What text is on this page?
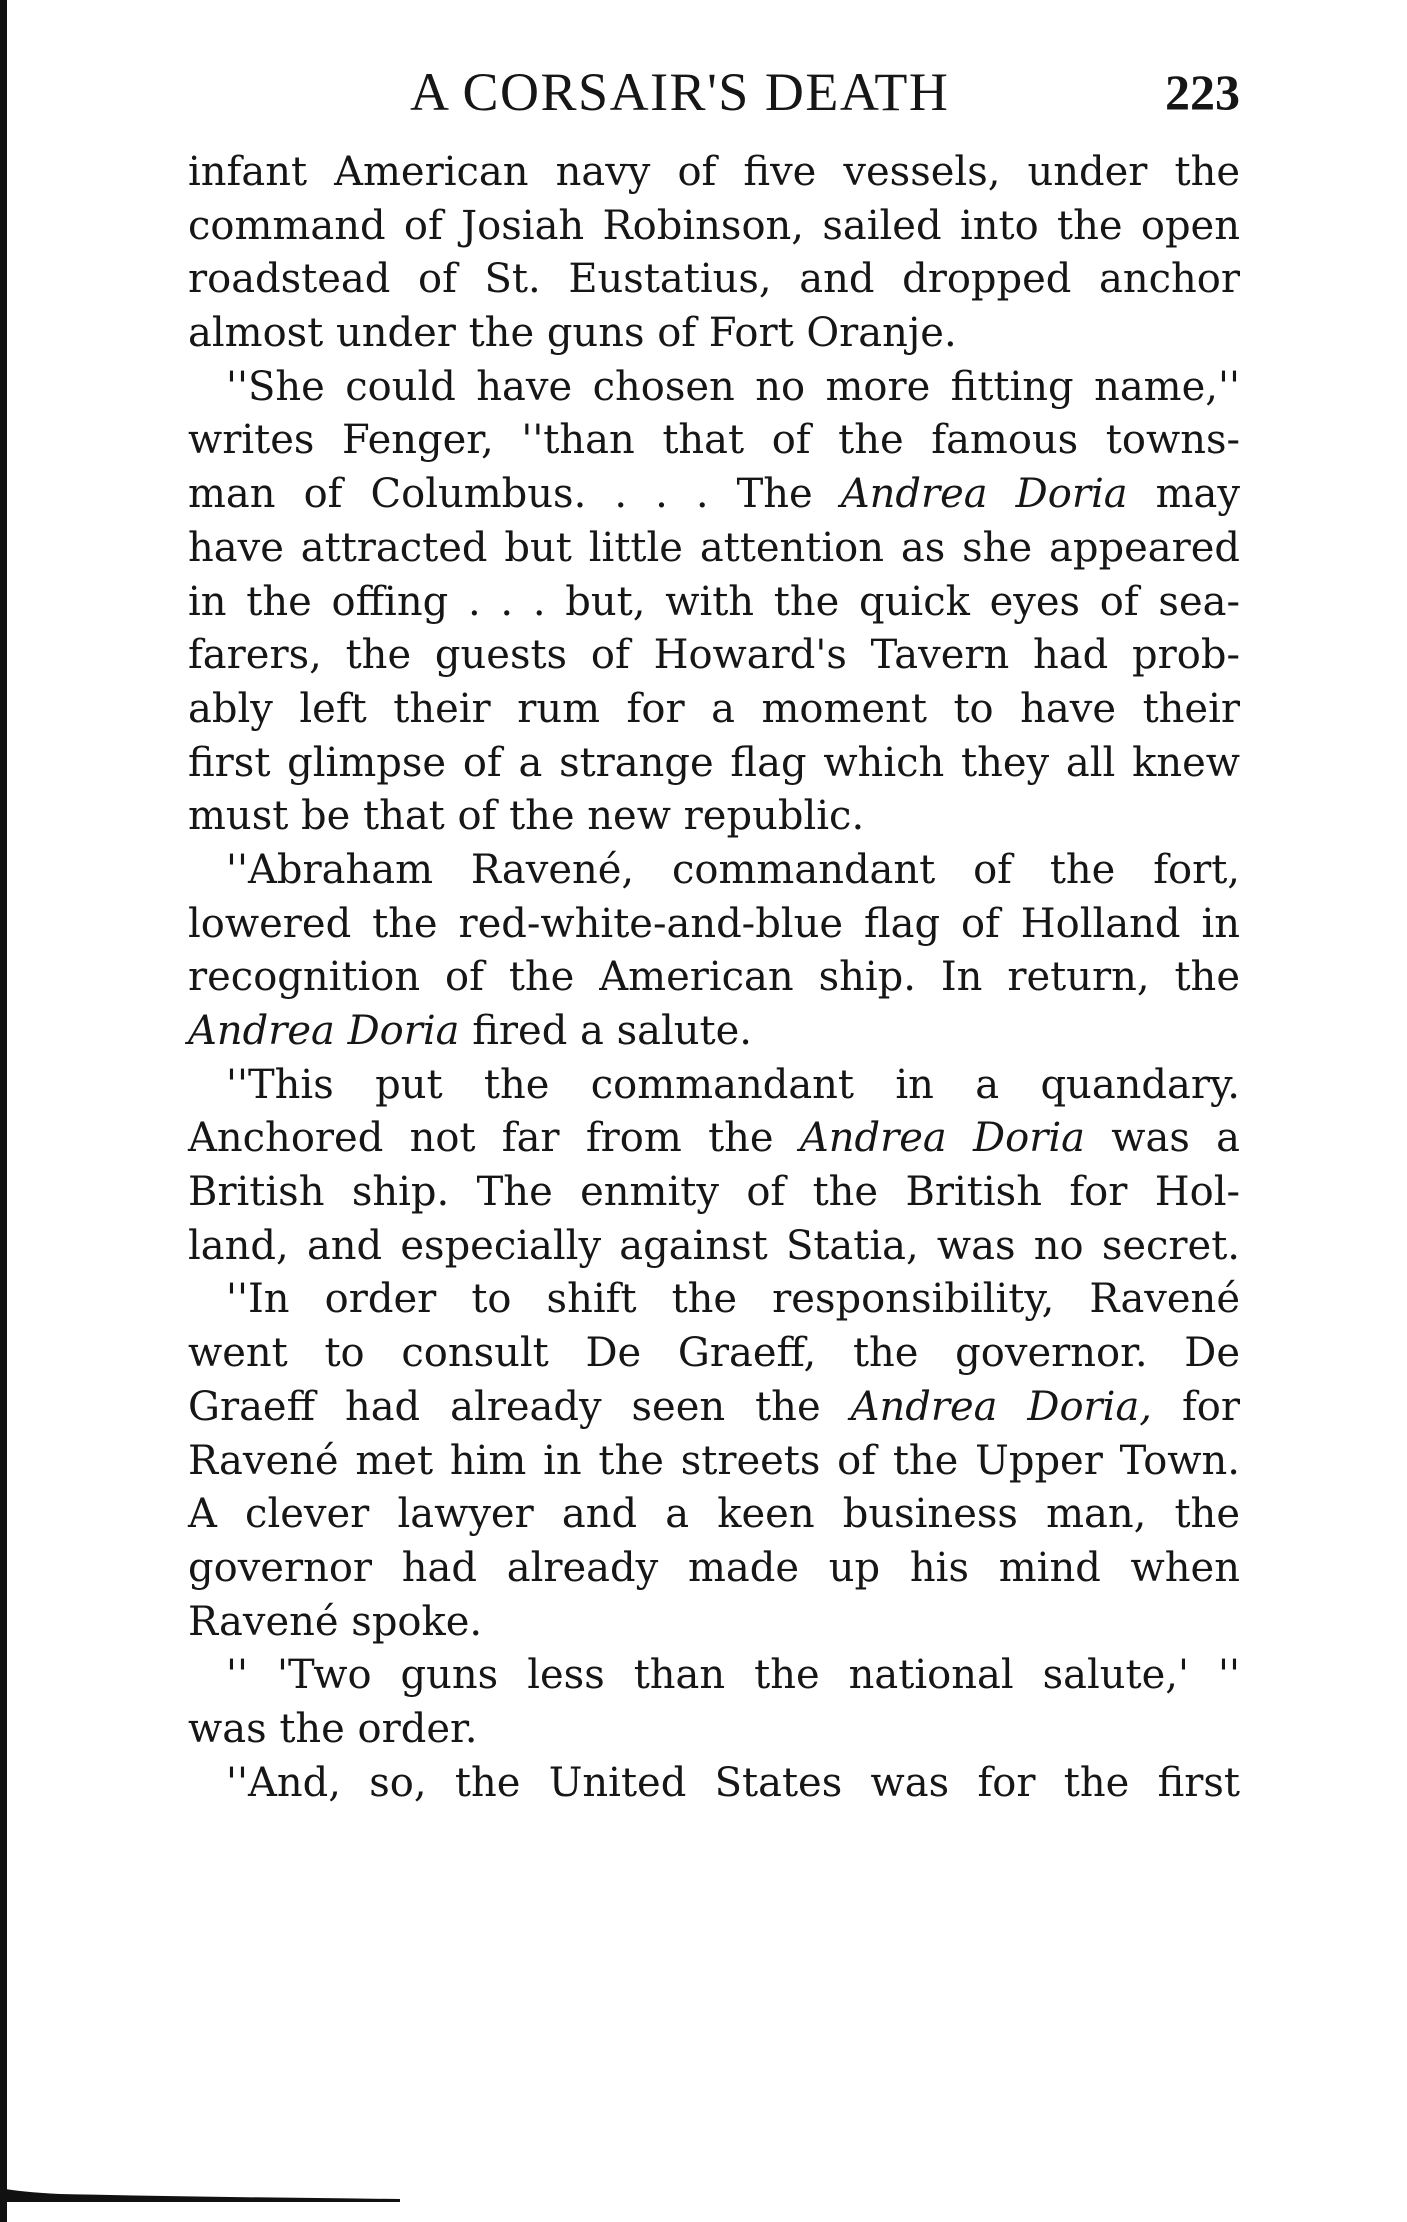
A CORSAIR'S DEATH	223
infant American navy of five vessels, under the
command of Josiah Robinson, sailed into the open
roadstead of St. Eustatius, and dropped anchor
almost under the guns of Fort Oranje.
''She could have chosen no more fitting name,''
writes Fenger, ''than that of the famous towns-
man of Columbus. . . . The Andrea Doria may
have attracted but little attention as she appeared
in the offing . . . but, with the quick eyes of sea-
farers, the guests of Howard's Tavern had prob-
ably left their rum for a moment to have their
first glimpse of a strange flag which they all knew
must be that of the new republic.
''Abraham Ravené, commandant of the fort,
lowered the red-white-and-blue flag of Holland in
recognition of the American ship. In return, the
Andrea Doria fired a salute.
''This put the commandant in a quandary.
Anchored not far from the Andrea Doria was a
British ship. The enmity of the British for Hol-
land, and especially against Statia, was no secret.
''In order to shift the responsibility, Ravené
went to consult De Graeff, the governor. De
Graeff had already seen the Andrea Doria, for
Ravené met him in the streets of the Upper Town.
A clever lawyer and a keen business man, the
governor had already made up his mind when
Ravené spoke.
'' 'Two guns less than the national salute,' ''
was the order.
''And, so, the United States was for the first
